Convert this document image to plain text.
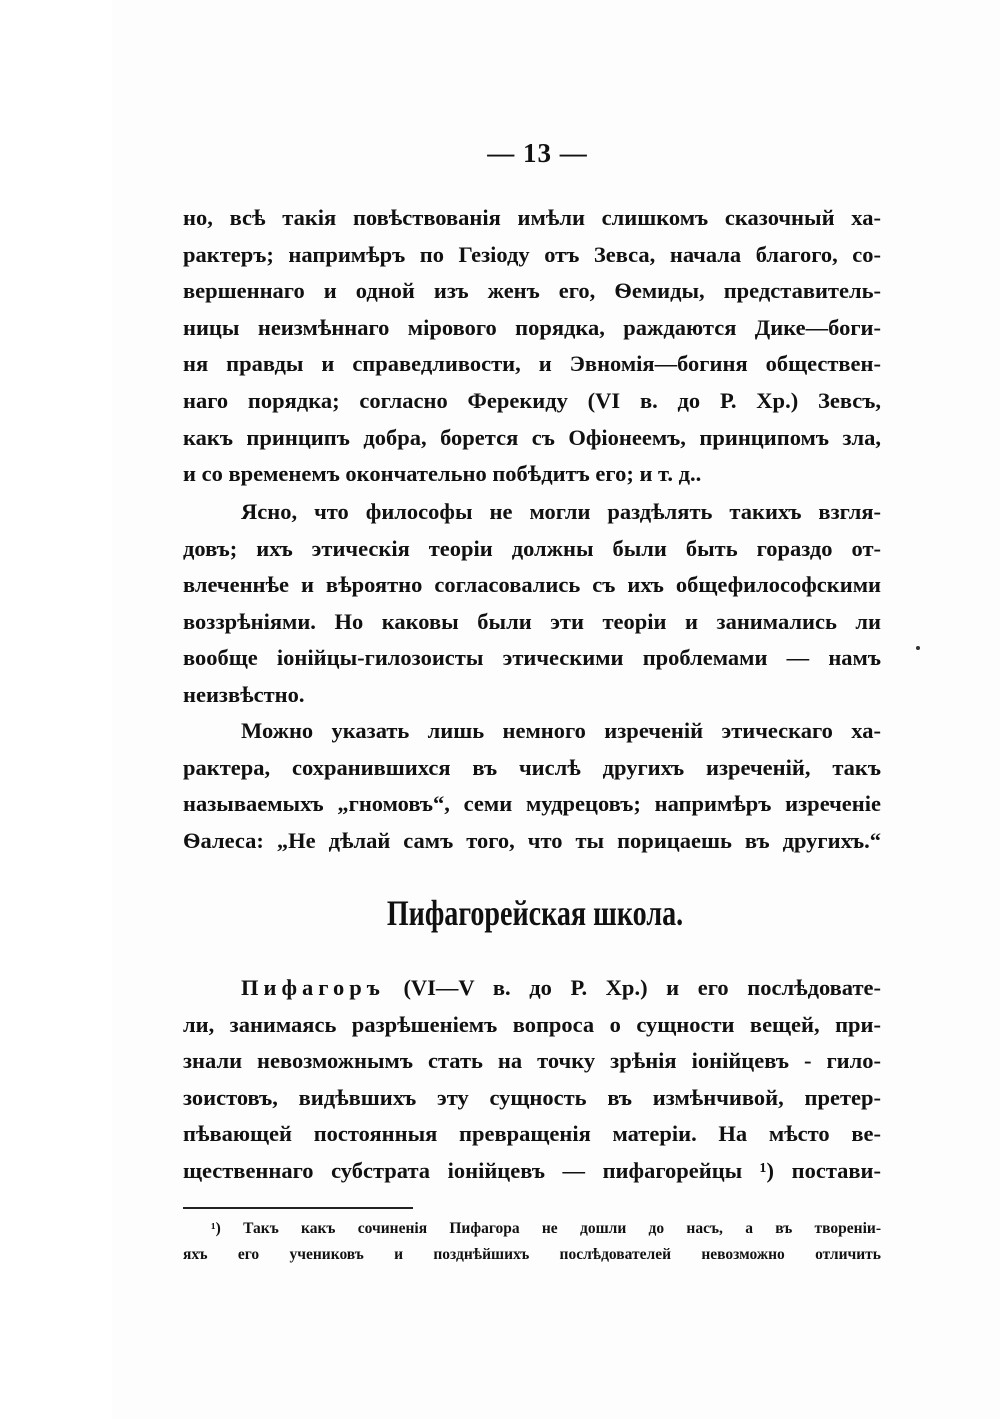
— 13 —
но, всѣ такія повѣствованія имѣли слишкомъ сказочный ха-
рактеръ; напримѣръ по Гезіоду отъ Зевса, начала благого, со-
вершеннаго и одной изъ женъ его, Ѳемиды, представитель-
ницы неизмѣннаго мірового порядка, раждаются Дике—боги-
ня правды и справедливости, и Эвномія—богиня обществен-
наго порядка; согласно Ферекиду (VI в. до Р. Хр.) Зевсъ,
какъ принципъ добра, борется съ Офіонеемъ, принципомъ зла,
и со временемъ окончательно побѣдитъ его; и т. д..
Ясно, что философы не могли раздѣлять такихъ взгля-
довъ; ихъ этическія теоріи должны были быть гораздо от-
влеченнѣе и вѣроятно согласовались съ ихъ общефилософскими
воззрѣніями. Но каковы были эти теоріи и занимались ли
вообще іонійцы-гилозоисты этическими проблемами — намъ
неизвѣстно.
Можно указать лишь немного изреченій этическаго ха-
рактера, сохранившихся въ числѣ другихъ изреченій, такъ
называемыхъ „гномовъ“, семи мудрецовъ; напримѣръ изреченіе
Ѳалеса: „Не дѣлай самъ того, что ты порицаешь въ другихъ.“
Пифагорейская школа.
Пифагоръ (VI—V в. до Р. Хр.) и его послѣдовате-
ли, занимаясь разрѣшеніемъ вопроса о сущности вещей, при-
знали невозможнымъ стать на точку зрѣнія іонійцевъ - гило-
зоистовъ, видѣвшихъ эту сущность въ измѣнчивой, претер-
пѣвающей постоянныя превращенія матеріи. На мѣсто ве-
щественнаго субстрата іонійцевъ — пифагорейцы ¹) постави-
¹) Такъ какъ сочиненія Пифагора не дошли до насъ, а въ твореніи-
яхъ его учениковъ и позднѣйшихъ послѣдователей невозможно отличить
